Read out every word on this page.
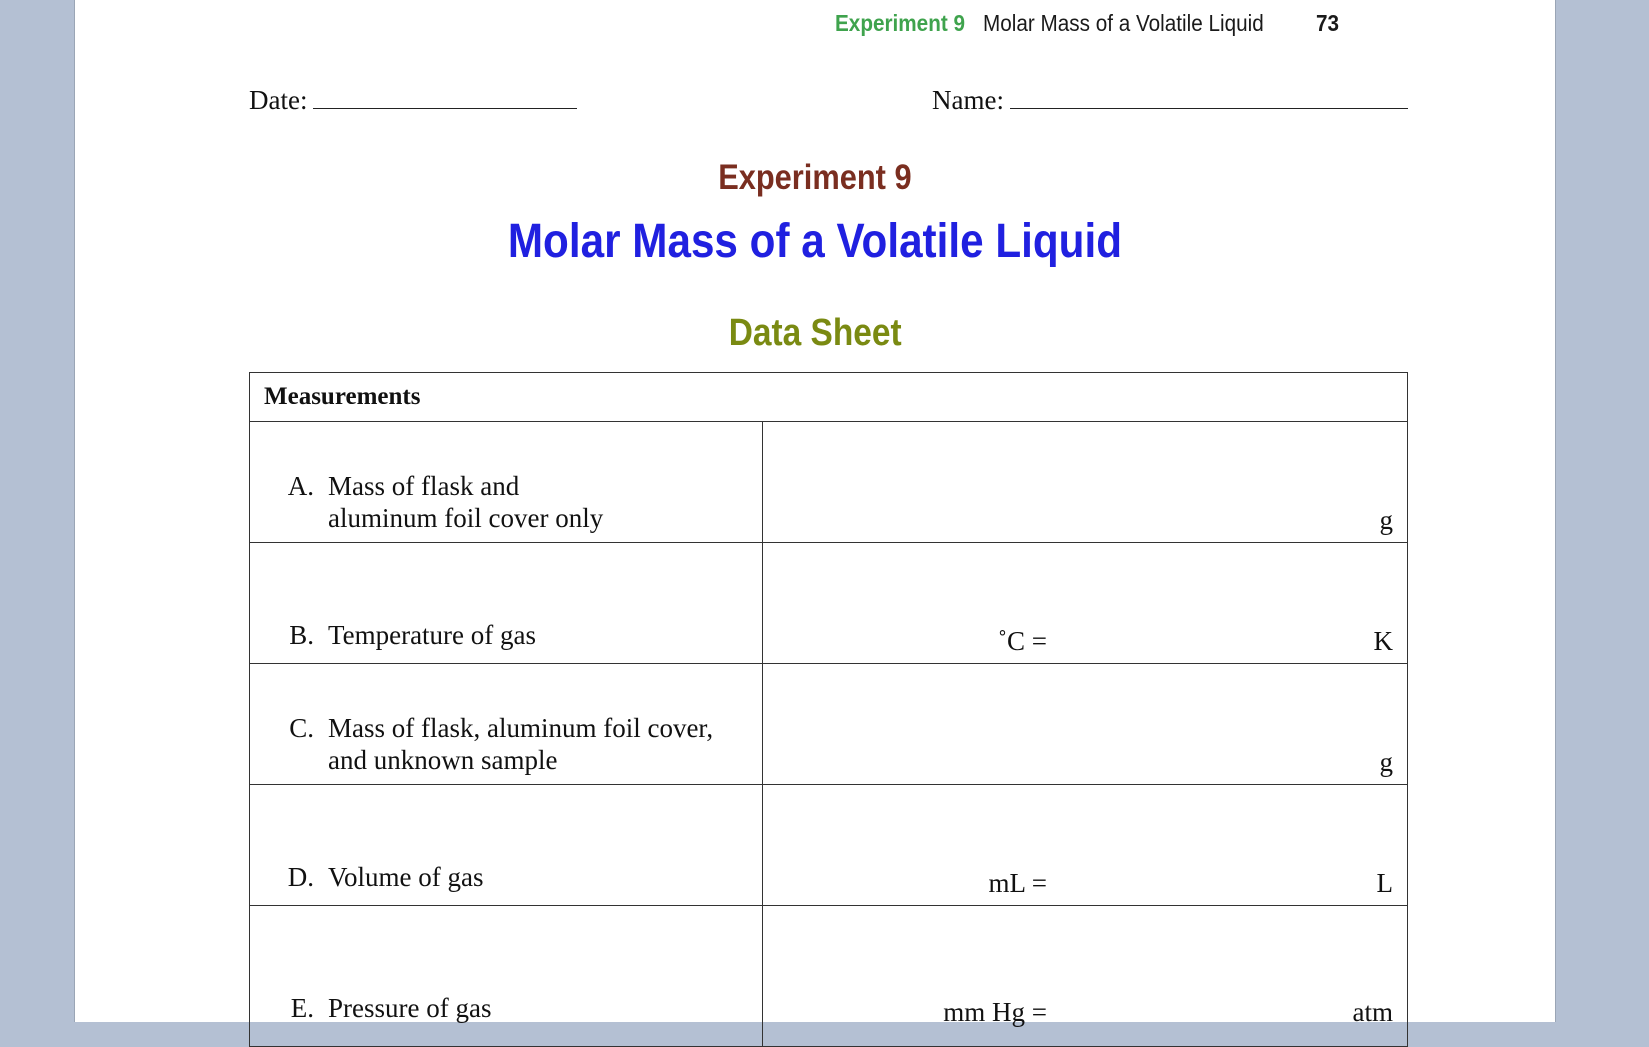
Experiment 9 Molar Mass of a Volatile Liquid 73
Date:	Name:
Experiment 9
Molar Mass of a Volatile Liquid
Data Sheet
Measurements
A. Mass of flask and
aluminum foil cover only	g
B. Temperature of gas	˚C =	K
C. Mass of flask, aluminum foil cover,
and unknown sample	g
D. Volume of gas	mL =	L
E. Pressure of gas	mm Hg =	atm
